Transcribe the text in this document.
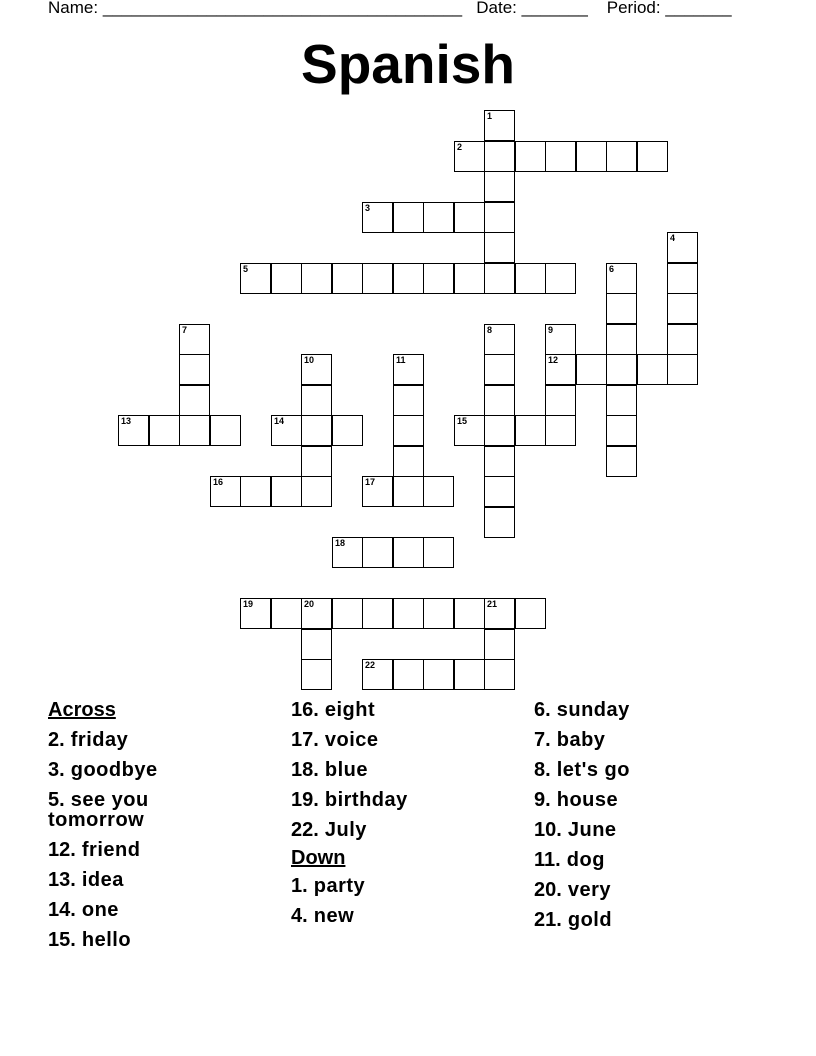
Name: ______________________________________ Date: _______ Period: _______
Spanish
1
2
3
4
5	6
7	8	9
10	11	12
13	14	15
16	17
18
19	20	21
22
Across
2. friday
3. goodbye
5. see you tomorrow
12. friend
13. idea
14. one
15. hello
16. eight
17. voice
18. blue
19. birthday
22. July
Down
1. party
4. new
6. sunday
7. baby
8. let's go
9. house
10. June
11. dog
20. very
21. gold
